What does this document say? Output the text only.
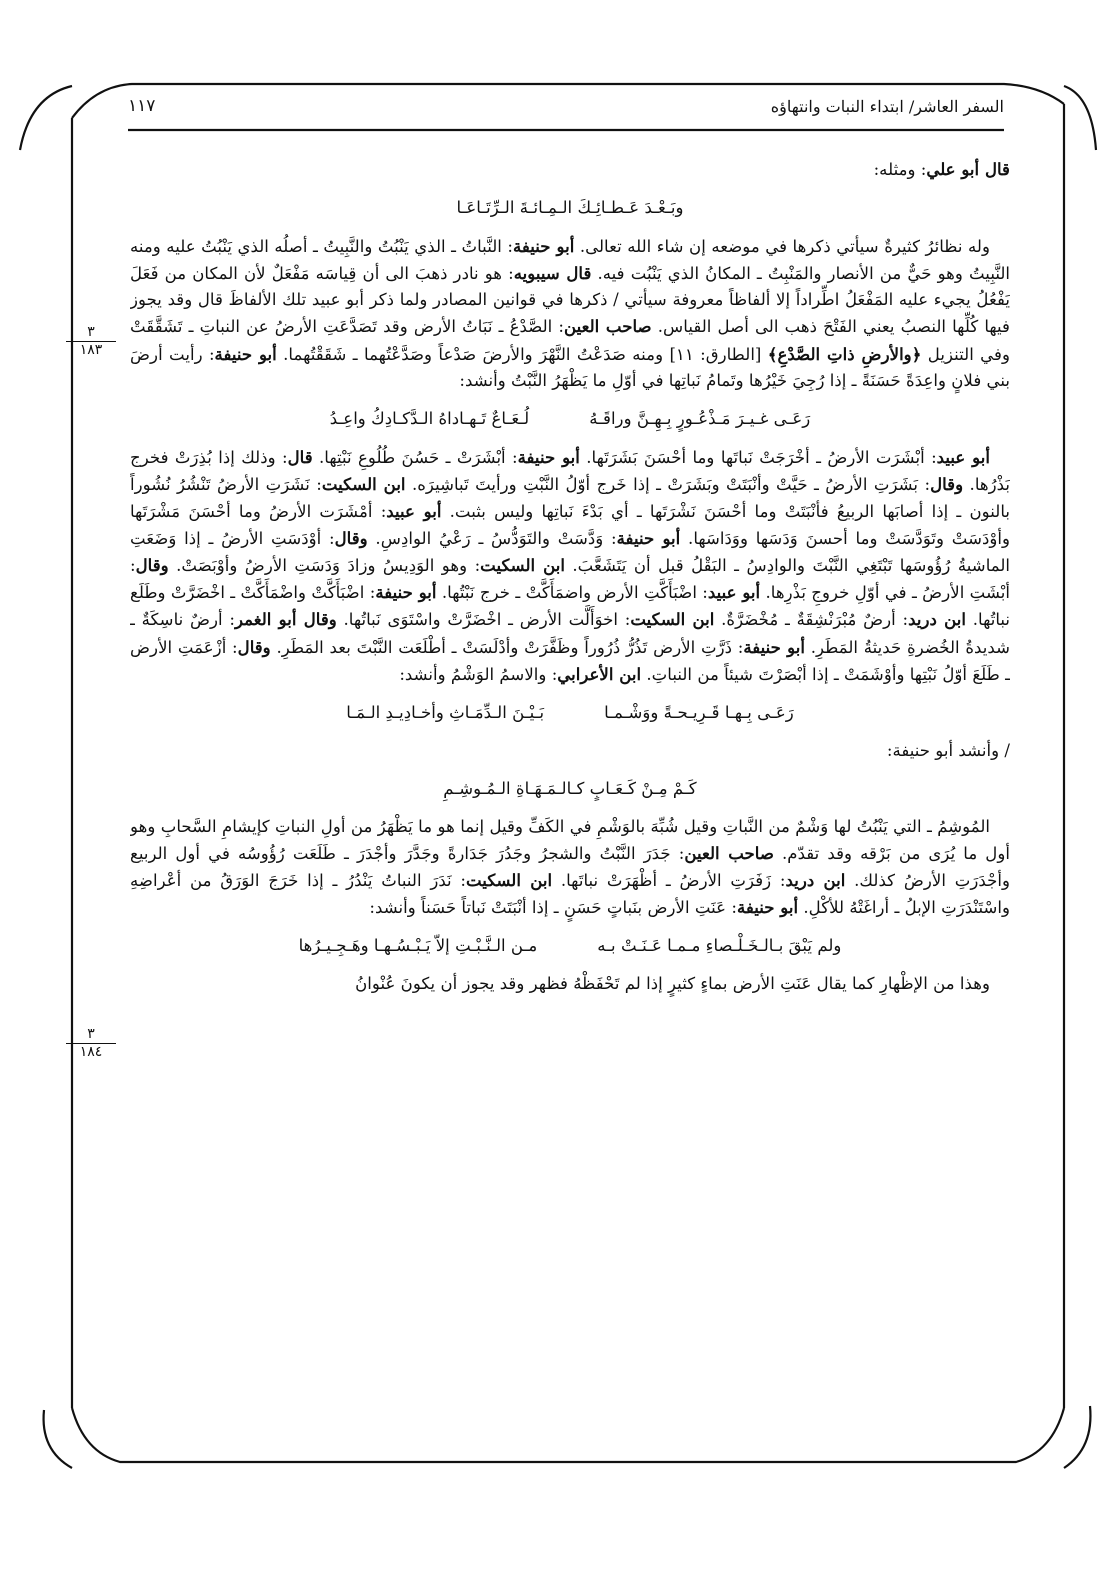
السفر العاشر/ ابتداء النبات وانتهاؤه
١١٧
٣
١٨٣
٣
١٨٤

قال أبو علي: ومثله:

وبَـعْـدَ عَـطـائِـكَ الـمِـائـةَ الـرِّتَـاعَـا

وله نظائرُ كثيرةٌ سيأتي ذكرها في موضعه إن شاء الله تعالى. أبو حنيفة: النَّباتُ ـ الذي يَنْبُتُ والنَّبِيتُ ـ أصلُه الذي يَنْبُتُ عليه ومنه النَّبِيتُ وهو حَيٌّ من الأنصار والمَنْبِتُ ـ المكانُ الذي يَنْبُت فيه. قال سيبويه: هو نادر ذهبَ الى أن قِياسَه مَفْعَلٌ لأن المكان من فَعَلَ يَفْعُلُ يجيء عليه المَفْعَلُ اطِّراداً إلا ألفاظاً معروفة سيأتي / ذكرها في قوانين المصادر ولما ذكر أبو عبيد تلك الألفاظَ قال وقد يجوز فيها كُلِّها النصبُ يعني الفَتْحَ ذهب الى أصل القياس. صاحب العين: الصَّدْعُ ـ نَبَاتُ الأرض وقد تَصَدَّعَتِ الأرضُ عن النباتِ ـ تَشَقَّقَتْ وفي التنزيل ﴿والأرضِ ذاتِ الصَّدْعِ﴾ [الطارق: ١١] ومنه صَدَعْتُ النَّهْرَ والأرضَ صَدْعاً وصَدَّعْتُهما ـ شَقَقْتُهما. أبو حنيفة: رأيت أرضَ بني فلانٍ واعِدَةً حَسَنَةً ـ إذا رُجِيَ خَيْرُها وتَمامُ نَباتِها في أوّلِ ما يَظْهَرُ النَّبْتُ وأنشد:

رَعَـى غـيـرَ مَـذْعُـورٍ بِـهِـنَّ وراقَـهُ
لُـعَـاعٌ تَـهـاداهُ الـدَّكـادِكُ واعِـدُ

أبو عبيد: أبْشَرَت الأرضُ ـ أخْرَجَتْ نَباتَها وما أحْسَنَ بَشَرَتَها. أبو حنيفة: أبْشَرَتْ ـ حَسُنَ طُلُوعِ نَبْتِها. قال: وذلك إذا بُذِرَتْ فخرج بَذْرُها. وقال: بَشَرَتِ الأرضُ ـ حَيَّتْ وأنْبَتَتْ وبَشَرَتْ ـ إذا خَرج أوّلُ النَّبْتِ ورأيتَ تَباشِيرَه. ابن السكيت: نَشَرَتِ الأرضُ تَنْشُرُ نُشُوراً بالنون ـ إذا أصابَها الربيعُ فأنْبَتَتْ وما أحْسَنَ نَشْرَتَها ـ أي بَدْءَ نَباتِها وليس بثبت. أبو عبيد: أمْشَرَت الأرضُ وما أحْسَنَ مَشْرَتَها وأوْدَسَتْ وتَوَدَّسَتْ وما أحسنَ وَدَسَها ووَدَاسَها. أبو حنيفة: وَدَّسَتْ والتَوَدُّسُ ـ رَعْيُ الوادِسِ. وقال: أوْدَسَتِ الأرضُ ـ إذا وَضَعَتِ الماشيةُ رُؤُوسَها تَبْتَغِي النَّبْتَ والوادِسُ ـ البَقْلُ قبل أن يَتَشَعَّبَ. ابن السكيت: وهو الوَدِيسُ وزادَ وَدَسَتِ الأرضُ وأوْبَصَتْ. وقال: أبْشَتِ الأرضُ ـ في أوّلِ خروجِ بَذْرِها. أبو عبيد: اضْبَأَكَّتِ الأرض واضمَأَكَّتْ ـ خرج نَبْتُها. أبو حنيفة: اضْبَأَكَّتْ واضْمَأَكَّتْ ـ اخْضَرَّتْ وطَلَع نباتُها. ابن دريد: أرضٌ مُبْرَنْشِقَةٌ ـ مُخْضَرَّةٌ. ابن السكيت: اخوَأَلَّت الأرض ـ اخْضَرَّتْ واسْتَوَى نَباتُها. وقال أبو الغمر: أرضٌ ناسِكَةٌ ـ شديدةُ الخُضرةِ حَديثةُ المَطَرِ. أبو حنيفة: ذَرَّتِ الأرض تَذُرُّ ذُرُوراً وظَفَّرَتْ وأدْلَسَتْ ـ أطْلَعَت النَّبْتَ بعد المَطَرِ. وقال: أزْعَمَتِ الأرض ـ طَلَعَ أوّلُ نَبْتِها وأوْشَمَتْ ـ إذا أبْصَرْتَ شيئاً من النباتِ. ابن الأعرابي: والاسمُ الوَشْمُ وأنشد:

رَعَـى بِـهـا قَـرِيـحـةً ووَشْـمـا
بَـيْـنَ الـدِّمَـاثِ وأخـادِيـدِ الـمَـا

/ وأنشد أبو حنيفة:

كَـمْ مِـنْ كَـعَـابٍ كـالـمَـهَـاةِ الـمُـوشِـمِ

المُوشِمُ ـ التي يَنْبُتُ لها وَشْمٌ من النَّباتِ وقيل شُبِّهَ بالوَشْمِ في الكَفِّ وقيل إنما هو ما يَظْهَرُ من أولِ النباتِ كإيشامِ السَّحابِ وهو أول ما يُرَى من بَرْقه وقد تقدّم. صاحب العين: جَدَرَ النَّبْتُ والشجرُ وجَدُرَ جَدَارةً وجَدَّرَ وأجْدَرَ ـ طَلَعَت رُؤُوسُه في أول الربيع وأجْدَرَتِ الأرضُ كذلك. ابن دريد: زَفَرَتِ الأرضُ ـ أظْهَرَتْ نباتَها. ابن السكيت: نَدَرَ النباتُ يَنْدُرُ ـ إذا خَرَجَ الوَرَقُ من أعْراضِهِ واسْتَنْدَرَتِ الإبلُ ـ أراغَتْهُ للأكْلِ. أبو حنيفة: عَنَتِ الأرض بنَباتٍ حَسَنٍ ـ إذا أنْبَتَتْ نَباتاً حَسَناً وأنشد:

ولم يَبْقَ بـالـخَـلْـصاءِ مـمـا عَـنَـتْ بـه
مـن الـنَّـبْـتِ إلاّ يَـبْـسُـهـا وهَـجِـيـرُها

وهذا من الإظْهارِ كما يقال عَنَتِ الأرض بماءٍ كثيرٍ إذا لم تَحْفَظْهُ فظهر وقد يجوز أن يكونَ عُنْوانُ
